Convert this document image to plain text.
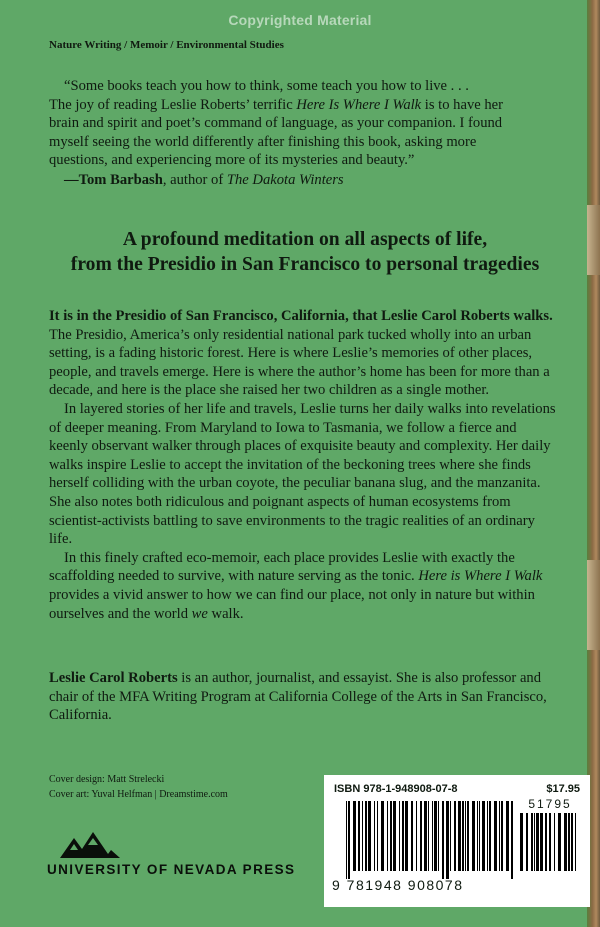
Copyrighted Material
Nature Writing / Memoir / Environmental Studies

“Some books teach you how to think, some teach you how to live . . .
The joy of reading Leslie Roberts’ terrific Here Is Where I Walk is to have her brain and spirit and poet’s command of language, as your companion. I found myself seeing the world differently after finishing this book, asking more questions, and experiencing more of its mysteries and beauty.”

—Tom Barbash, author of The Dakota Winters

A profound meditation on all aspects of life,
from the Presidio in San Francisco to personal tragedies

It is in the Presidio of San Francisco, California, that Leslie Carol Roberts walks. The Presidio, America’s only residential national park tucked wholly into an urban setting, is a fading historic forest. Here is where Leslie’s memories of other places, people, and travels emerge. Here is where the author’s home has been for more than a decade, and here is the place she raised her two children as a single mother.

In layered stories of her life and travels, Leslie turns her daily walks into revelations of deeper meaning. From Maryland to Iowa to Tasmania, we follow a fierce and keenly observant walker through places of exquisite beauty and complexity. Her daily walks inspire Leslie to accept the invitation of the beckoning trees where she finds herself colliding with the urban coyote, the peculiar banana slug, and the manzanita. She also notes both ridiculous and poignant aspects of human ecosystems from scientist-activists battling to save environments to the tragic realities of an ordinary life.

In this finely crafted eco-memoir, each place provides Leslie with exactly the scaffolding needed to survive, with nature serving as the tonic. Here is Where I Walk provides a vivid answer to how we can find our place, not only in nature but within ourselves and the world we walk.

Leslie Carol Roberts is an author, journalist, and essayist. She is also professor and chair of the MFA Writing Program at California College of the Arts in San Francisco, California.

Cover design: Matt Strelecki
Cover art: Yuval Helfman | Dreamstime.com
UNIVERSITY OF NEVADA PRESS
ISBN 978-1-948908-07-8	$17.95
51795
9 781948 908078
